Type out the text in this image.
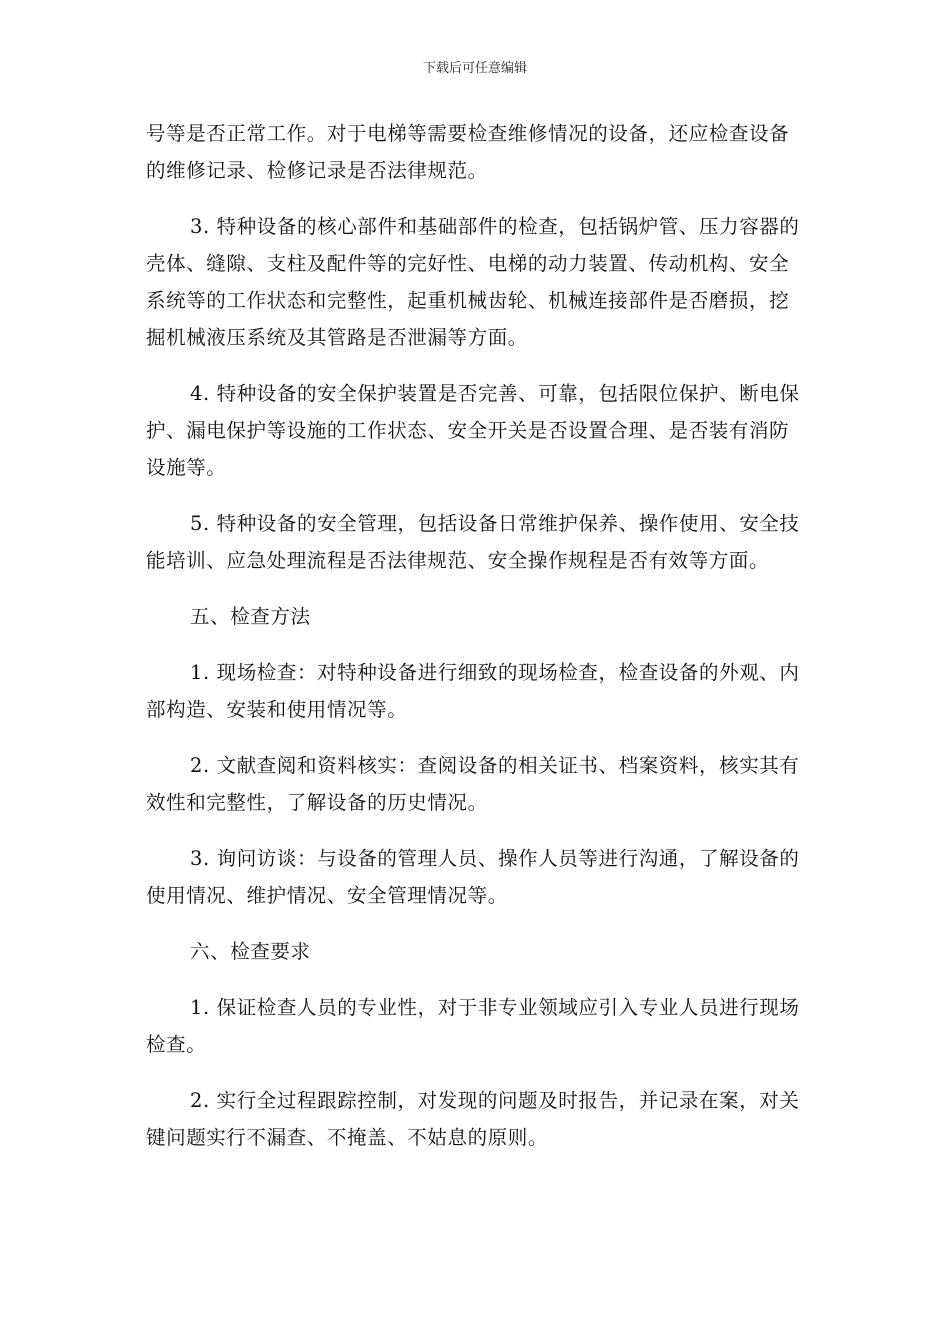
下载后可任意编辑

号等是否正常工作。对于电梯等需要检查维修情况的设备，还应检查设备的维修记录、检修记录是否法律规范。

3. 特种设备的核心部件和基础部件的检查，包括锅炉管、压力容器的壳体、缝隙、支柱及配件等的完好性、电梯的动力装置、传动机构、安全系统等的工作状态和完整性，起重机械齿轮、机械连接部件是否磨损，挖掘机械液压系统及其管路是否泄漏等方面。

4. 特种设备的安全保护装置是否完善、可靠，包括限位保护、断电保护、漏电保护等设施的工作状态、安全开关是否设置合理、是否装有消防设施等。

5. 特种设备的安全管理，包括设备日常维护保养、操作使用、安全技能培训、应急处理流程是否法律规范、安全操作规程是否有效等方面。

五、检查方法

1. 现场检查：对特种设备进行细致的现场检查，检查设备的外观、内部构造、安装和使用情况等。

2. 文献查阅和资料核实：查阅设备的相关证书、档案资料，核实其有效性和完整性，了解设备的历史情况。

3. 询问访谈：与设备的管理人员、操作人员等进行沟通，了解设备的使用情况、维护情况、安全管理情况等。

六、检查要求

1. 保证检查人员的专业性，对于非专业领域应引入专业人员进行现场检查。

2. 实行全过程跟踪控制，对发现的问题及时报告，并记录在案，对关键问题实行不漏查、不掩盖、不姑息的原则。
